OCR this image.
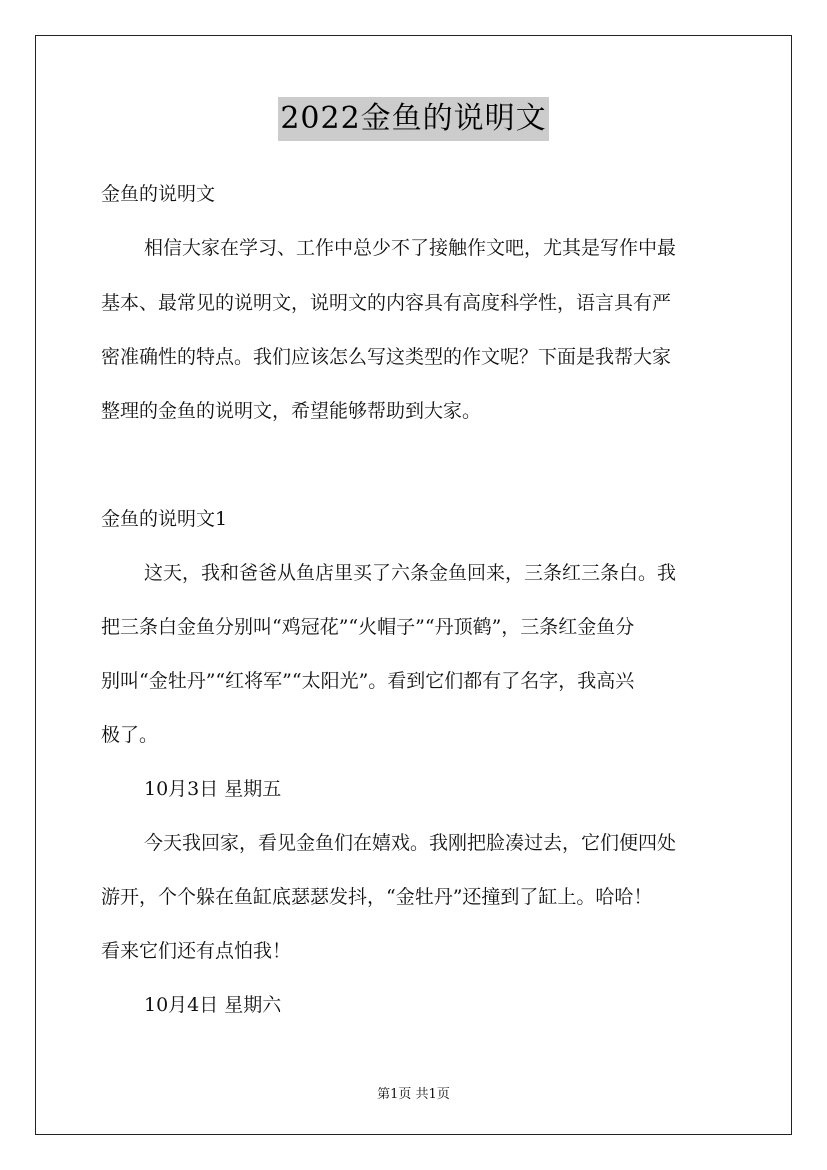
2022金鱼的说明文
金鱼的说明文
相信大家在学习、工作中总少不了接触作文吧，尤其是写作中最
基本、最常见的说明文，说明文的内容具有高度科学性，语言具有严
密准确性的特点。我们应该怎么写这类型的作文呢？下面是我帮大家
整理的金鱼的说明文，希望能够帮助到大家。
金鱼的说明文1
这天，我和爸爸从鱼店里买了六条金鱼回来，三条红三条白。我
把三条白金鱼分别叫“鸡冠花”“火帽子”“丹顶鹤”，三条红金鱼分
别叫“金牡丹”“红将军”“太阳光”。看到它们都有了名字，我高兴
极了。
10月3日 星期五
今天我回家，看见金鱼们在嬉戏。我刚把脸凑过去，它们便四处
游开，个个躲在鱼缸底瑟瑟发抖，“金牡丹”还撞到了缸上。哈哈！
看来它们还有点怕我！
10月4日 星期六
第1页 共1页
